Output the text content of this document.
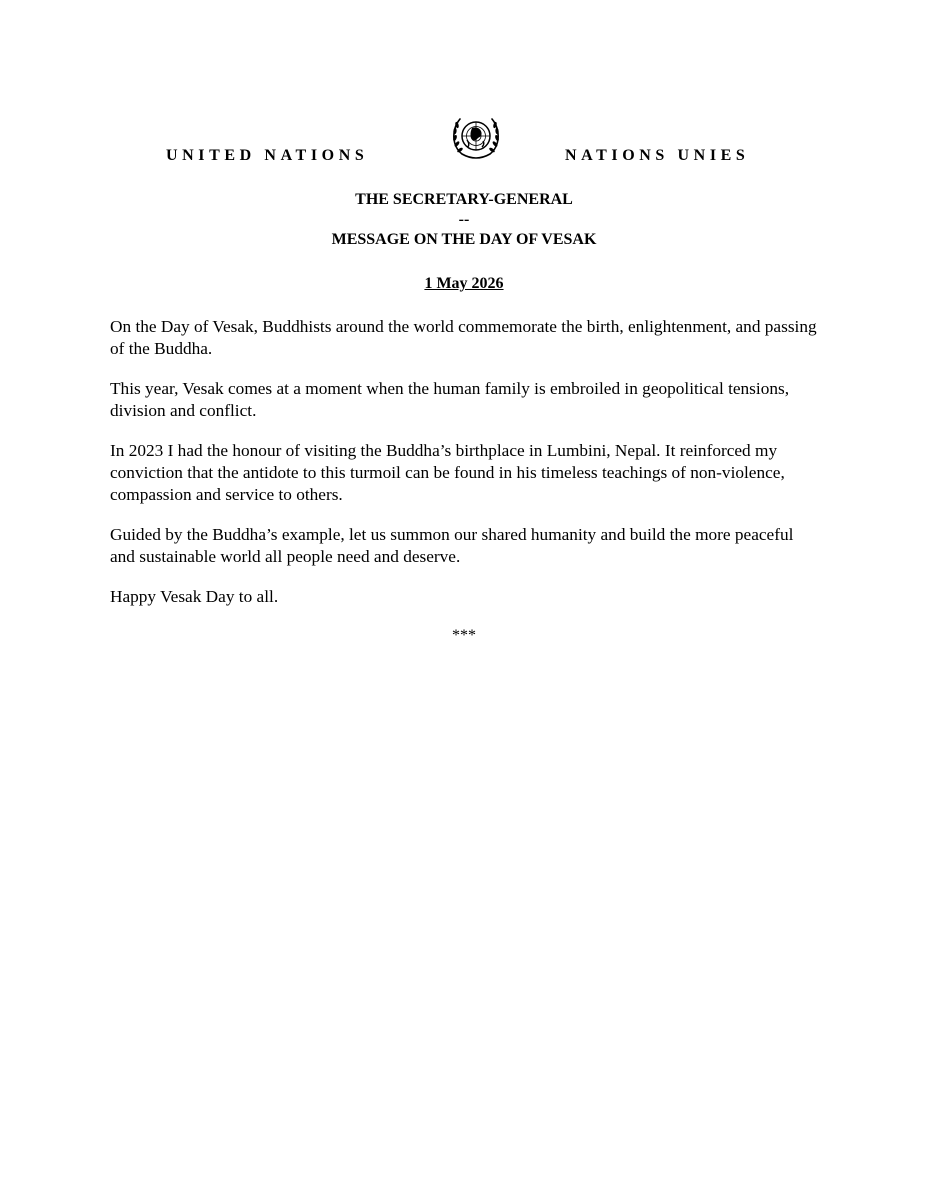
UNITED NATIONS	NATIONS UNIES
THE SECRETARY-GENERAL
--
MESSAGE ON THE DAY OF VESAK
1 May 2026

On the Day of Vesak, Buddhists around the world commemorate the birth, enlightenment, and passing of the Buddha.

This year, Vesak comes at a moment when the human family is embroiled in geopolitical tensions, division and conflict.

In 2023 I had the honour of visiting the Buddha’s birthplace in Lumbini, Nepal. It reinforced my conviction that the antidote to this turmoil can be found in his timeless teachings of non-violence, compassion and service to others.

Guided by the Buddha’s example, let us summon our shared humanity and build the more peaceful and sustainable world all people need and deserve.

Happy Vesak Day to all.

***
